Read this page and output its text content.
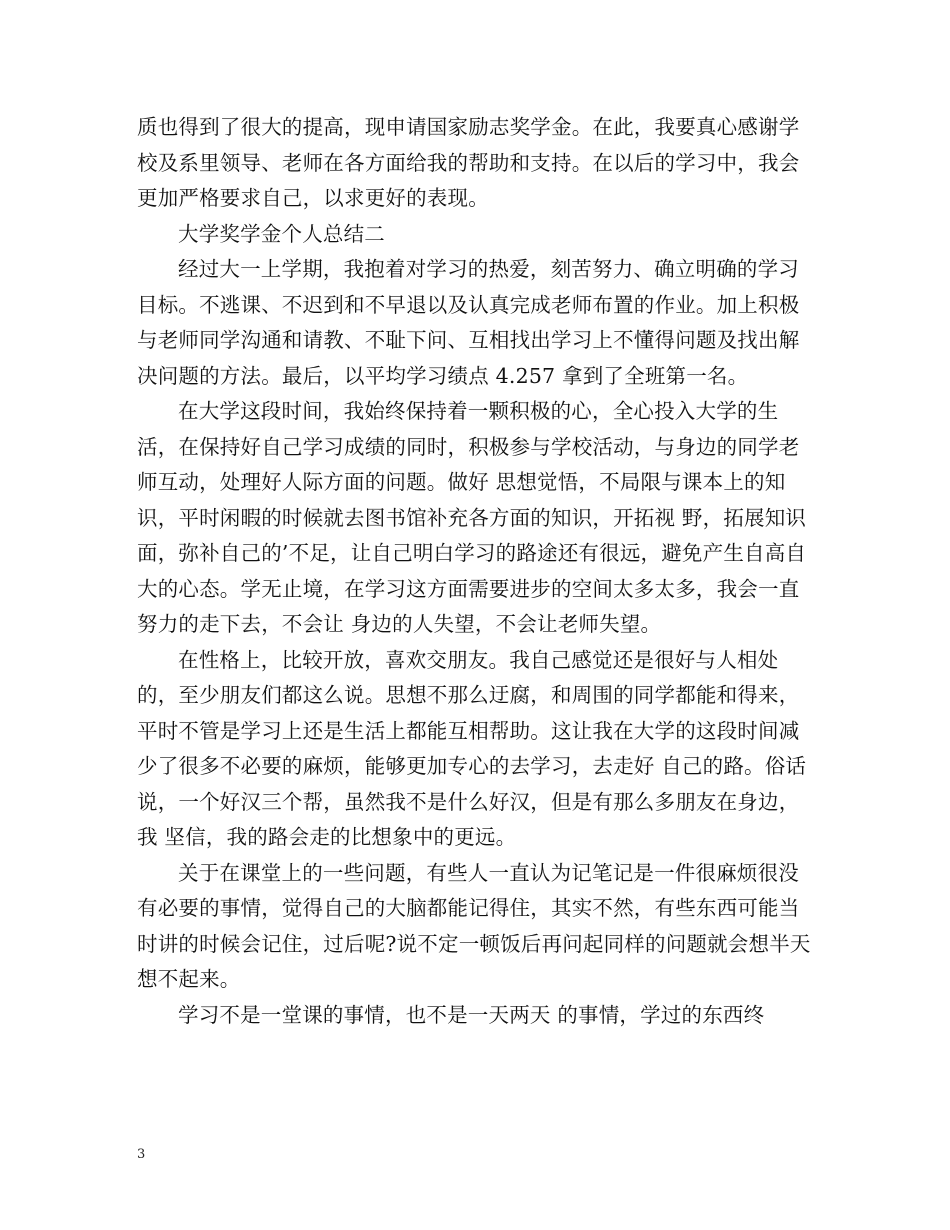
质也得到了很大的提高，现申请国家励志奖学金。在此，我要真心感谢学校及系里领导、老师在各方面给我的帮助和支持。在以后的学习中，我会更加严格要求自己，以求更好的表现。

大学奖学金个人总结二

经过大一上学期，我抱着对学习的热爱，刻苦努力、确立明确的学习目标。不逃课、不迟到和不早退以及认真完成老师布置的作业。加上积极与老师同学沟通和请教、不耻下问、互相找出学习上不懂得问题及找出解决问题的方法。最后，以平均学习绩点 4.257 拿到了全班第一名。

在大学这段时间，我始终保持着一颗积极的心，全心投入大学的生活，在保持好自己学习成绩的同时，积极参与学校活动，与身边的同学老师互动，处理好人际方面的问题。做好 思想觉悟，不局限与课本上的知识，平时闲暇的时候就去图书馆补充各方面的知识，开拓视 野，拓展知识面，弥补自己的’不足，让自己明白学习的路途还有很远，避免产生自高自大的心态。学无止境，在学习这方面需要进步的空间太多太多，我会一直努力的走下去，不会让 身边的人失望，不会让老师失望。

在性格上，比较开放，喜欢交朋友。我自己感觉还是很好与人相处的，至少朋友们都这么说。思想不那么迂腐，和周围的同学都能和得来，平时不管是学习上还是生活上都能互相帮助。这让我在大学的这段时间减少了很多不必要的麻烦，能够更加专心的去学习，去走好 自己的路。俗话说，一个好汉三个帮，虽然我不是什么好汉，但是有那么多朋友在身边，我 坚信，我的路会走的比想象中的更远。

关于在课堂上的一些问题，有些人一直认为记笔记是一件很麻烦很没有必要的事情，觉得自己的大脑都能记得住，其实不然，有些东西可能当时讲的时候会记住，过后呢?说不定一顿饭后再问起同样的问题就会想半天想不起来。

学习不是一堂课的事情，也不是一天两天 的事情，学过的东西终

3
